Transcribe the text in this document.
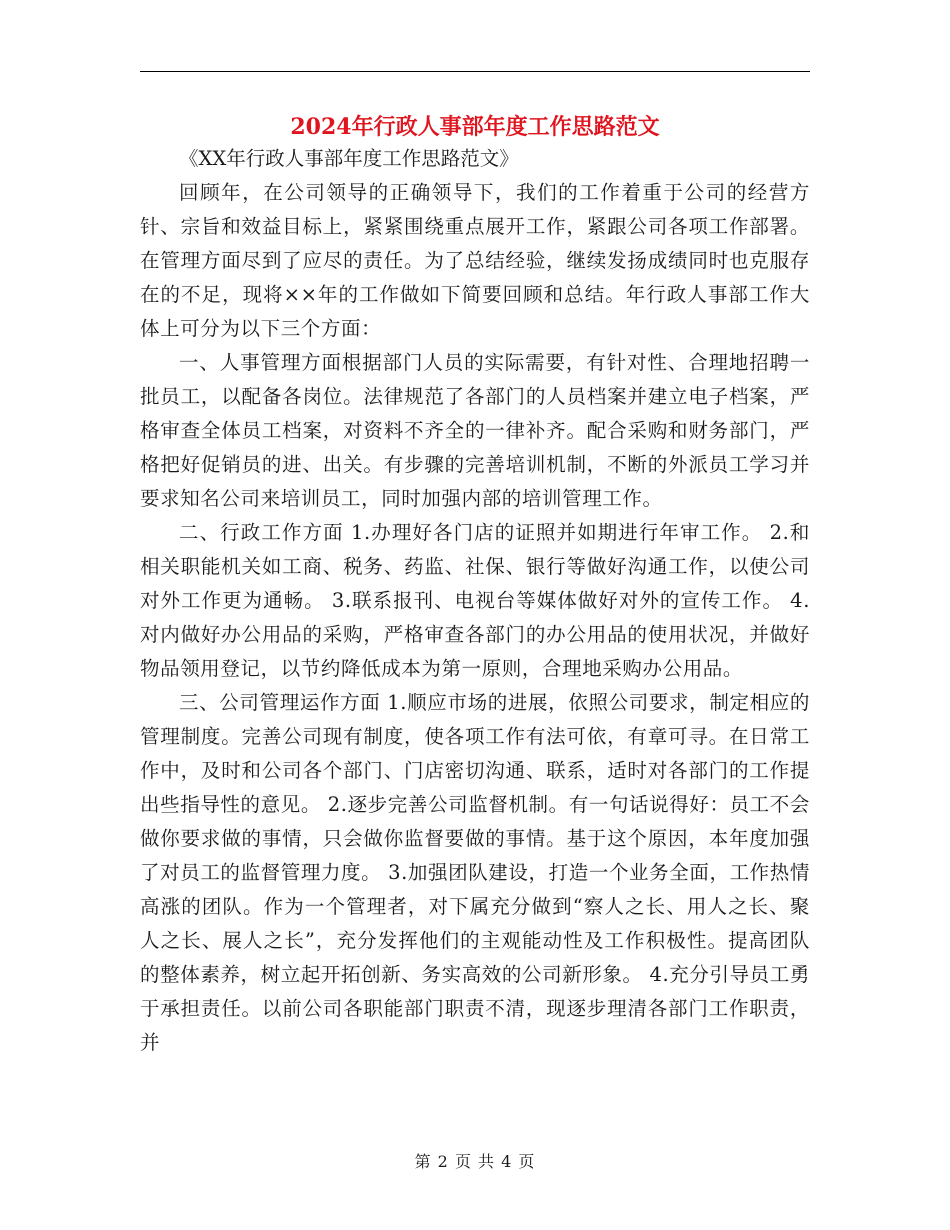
2024年行政人事部年度工作思路范文

《XX年行政人事部年度工作思路范文》

回顾年，在公司领导的正确领导下，我们的工作着重于公司的经营方针、宗旨和效益目标上，紧紧围绕重点展开工作，紧跟公司各项工作部署。在管理方面尽到了应尽的责任。为了总结经验，继续发扬成绩同时也克服存在的不足，现将××年的工作做如下简要回顾和总结。年行政人事部工作大体上可分为以下三个方面：

一、人事管理方面根据部门人员的实际需要，有针对性、合理地招聘一批员工，以配备各岗位。法律规范了各部门的人员档案并建立电子档案，严格审查全体员工档案，对资料不齐全的一律补齐。配合采购和财务部门，严格把好促销员的进、出关。有步骤的完善培训机制，不断的外派员工学习并要求知名公司来培训员工，同时加强内部的培训管理工作。

二、行政工作方面 1.办理好各门店的证照并如期进行年审工作。 2.和相关职能机关如工商、税务、药监、社保、银行等做好沟通工作，以使公司对外工作更为通畅。 3.联系报刊、电视台等媒体做好对外的宣传工作。 4.对内做好办公用品的采购，严格审查各部门的办公用品的使用状况，并做好物品领用登记，以节约降低成本为第一原则，合理地采购办公用品。

三、公司管理运作方面 1.顺应市场的进展，依照公司要求，制定相应的管理制度。完善公司现有制度，使各项工作有法可依，有章可寻。在日常工作中，及时和公司各个部门、门店密切沟通、联系，适时对各部门的工作提出些指导性的意见。 2.逐步完善公司监督机制。有一句话说得好：员工不会做你要求做的事情，只会做你监督要做的事情。基于这个原因，本年度加强了对员工的监督管理力度。 3.加强团队建设，打造一个业务全面，工作热情高涨的团队。作为一个管理者，对下属充分做到“察人之长、用人之长、聚人之长、展人之长”，充分发挥他们的主观能动性及工作积极性。提高团队的整体素养，树立起开拓创新、务实高效的公司新形象。 4.充分引导员工勇于承担责任。以前公司各职能部门职责不清，现逐步理清各部门工作职责，并

第 2 页 共 4 页
